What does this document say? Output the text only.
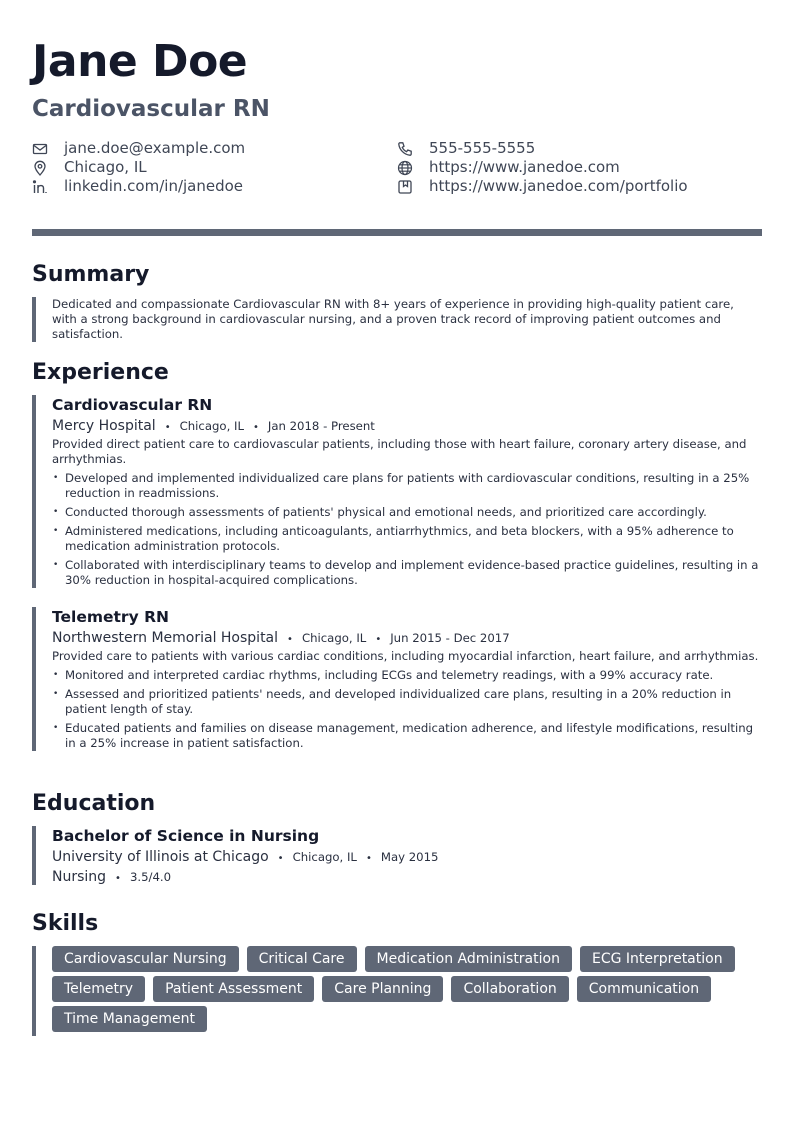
Jane Doe
Cardiovascular RN
jane.doe@example.com
Chicago, IL
linkedin.com/in/janedoe
555-555-5555
https://www.janedoe.com
https://www.janedoe.com/portfolio
Summary
Dedicated and compassionate Cardiovascular RN with 8+ years of experience in providing high-quality patient care, with a strong background in cardiovascular nursing, and a proven track record of improving patient outcomes and satisfaction.
Experience
Cardiovascular RN
Mercy Hospital • Chicago, IL • Jan 2018 - Present
Provided direct patient care to cardiovascular patients, including those with heart failure, coronary artery disease, and arrhythmias.
• Developed and implemented individualized care plans for patients with cardiovascular conditions, resulting in a 25% reduction in readmissions.
• Conducted thorough assessments of patients' physical and emotional needs, and prioritized care accordingly.
• Administered medications, including anticoagulants, antiarrhythmics, and beta blockers, with a 95% adherence to medication administration protocols.
• Collaborated with interdisciplinary teams to develop and implement evidence-based practice guidelines, resulting in a 30% reduction in hospital-acquired complications.
Telemetry RN
Northwestern Memorial Hospital • Chicago, IL • Jun 2015 - Dec 2017
Provided care to patients with various cardiac conditions, including myocardial infarction, heart failure, and arrhythmias.
• Monitored and interpreted cardiac rhythms, including ECGs and telemetry readings, with a 99% accuracy rate.
• Assessed and prioritized patients' needs, and developed individualized care plans, resulting in a 20% reduction in patient length of stay.
• Educated patients and families on disease management, medication adherence, and lifestyle modifications, resulting in a 25% increase in patient satisfaction.
Education
Bachelor of Science in Nursing
University of Illinois at Chicago • Chicago, IL • May 2015
Nursing • 3.5/4.0
Skills
Cardiovascular Nursing	Critical Care	Medication Administration	ECG Interpretation
Telemetry	Patient Assessment	Care Planning	Collaboration	Communication
Time Management
